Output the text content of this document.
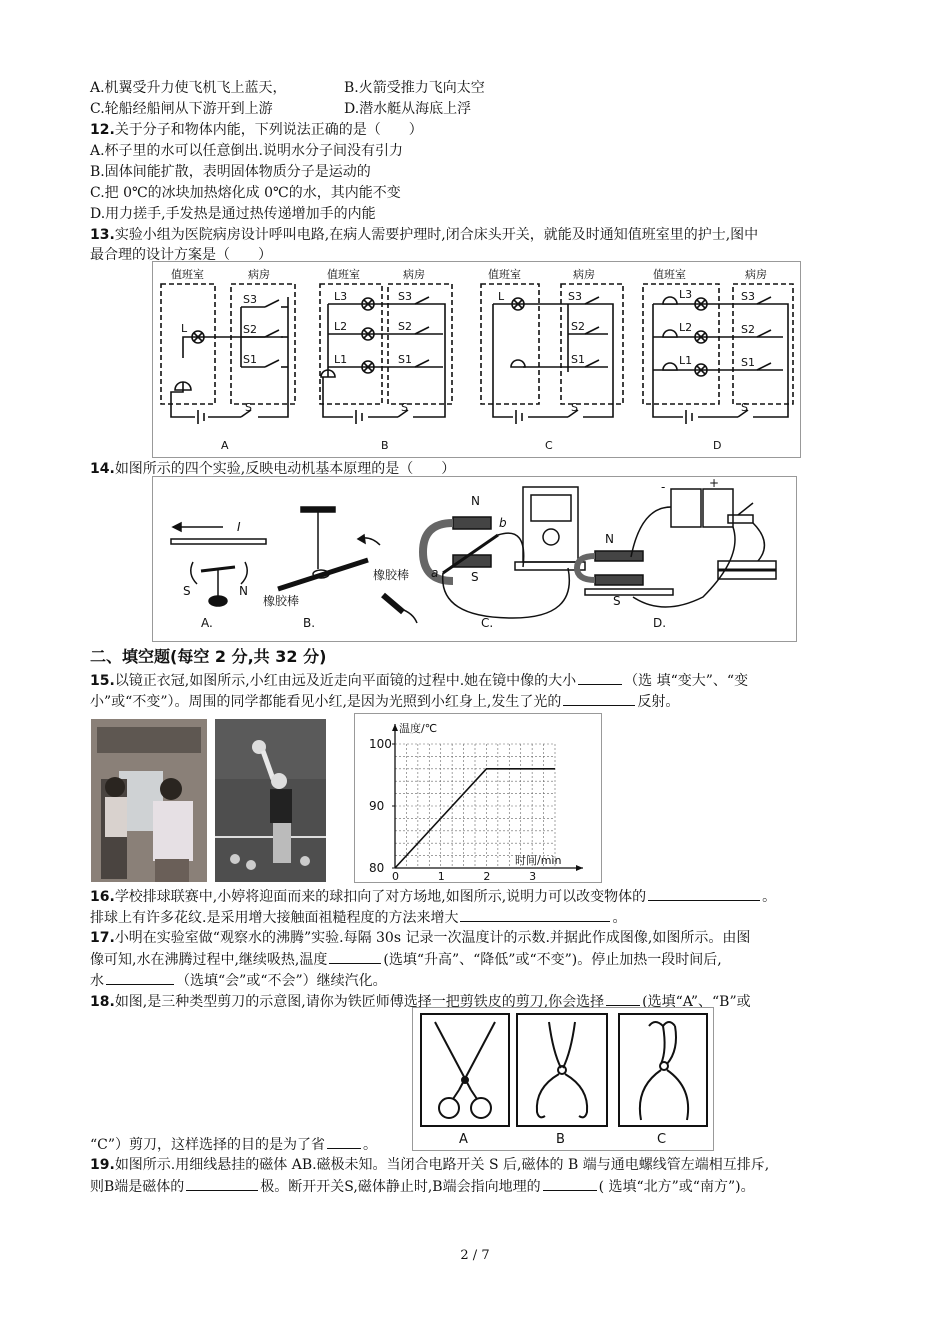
A.机翼受升力使飞机飞上蓝天，	B.火箭受推力飞向太空
C.轮船经船闸从下游开到上游	D.潜水艇从海底上浮
12.关于分子和物体内能，下列说法正确的是（　　）
A.杯子里的水可以任意倒出.说明水分子间没有引力
B.固体间能扩散，表明固体物质分子是运动的
C.把 0℃的冰块加热熔化成 0℃的水，其内能不变
D.用力搓手,手发热是通过热传递增加手的内能
13.实验小组为医院病房设计呼叫电路,在病人需要护理时,闭合床头开关，就能及时通知值班室里的护士,图中
最合理的设计方案是（　　）
值班室	病房
L
S3
S2
S1
S
A
值班室	病房
L3
L2
L1
S3
S2
S1
S
B
值班室	病房
L	S3
S2
S1
S
C
值班室	病房
L3
L2
L1
S3
S2
S1
S
D
14.如图所示的四个实验,反映电动机基本原理的是（　　）
I
S	N
A.
橡胶棒
橡胶棒
B.
N
b
a	S
C.
-	+
N
S
D.
二、填空题(每空 2 分,共 32 分)
15.以镜正衣冠,如图所示,小红由远及近走向平面镜的过程中.她在镜中像的大小	（选 填“变大”、“变
小”或“不变”）。周围的同学都能看见小红,是因为光照到小红身上,发生了光的	反射。
0	1	2	3
80
90
100
温度/℃
时间/min
16.学校排球联赛中,小婷将迎面而来的球扣向了对方场地,如图所示,说明力可以改变物体的	。
排球上有许多花纹.是采用增大接触面祖糙程度的方法来增大	。
17.小明在实验室做“观察水的沸腾”实验.每隔 30s 记录一次温度计的示数.并据此作成图像,如图所示。由图
像可知,水在沸腾过程中,继续吸热,温度	(选填“升高”、“降低”或“不变”)。停止加热一段时间后,
水	（选填“会”或“不会”）继续汽化。
18.如图,是三种类型剪刀的示意图,请你为铁匠师傅选择一把剪铁皮的剪刀,你会选择	(选填“A”、“B”或
A	B	C
“C”）剪刀，这样选择的目的是为了省	。
19.如图所示.用细线悬挂的磁体 AB.磁极未知。当闭合电路开关 S 后,磁体的 B 端与通电螺线管左端相互排斥,
则B端是磁体的	极。断开开关S,磁体静止时,B端会指向地理的	( 选填“北方”或“南方”)。
2 / 7
